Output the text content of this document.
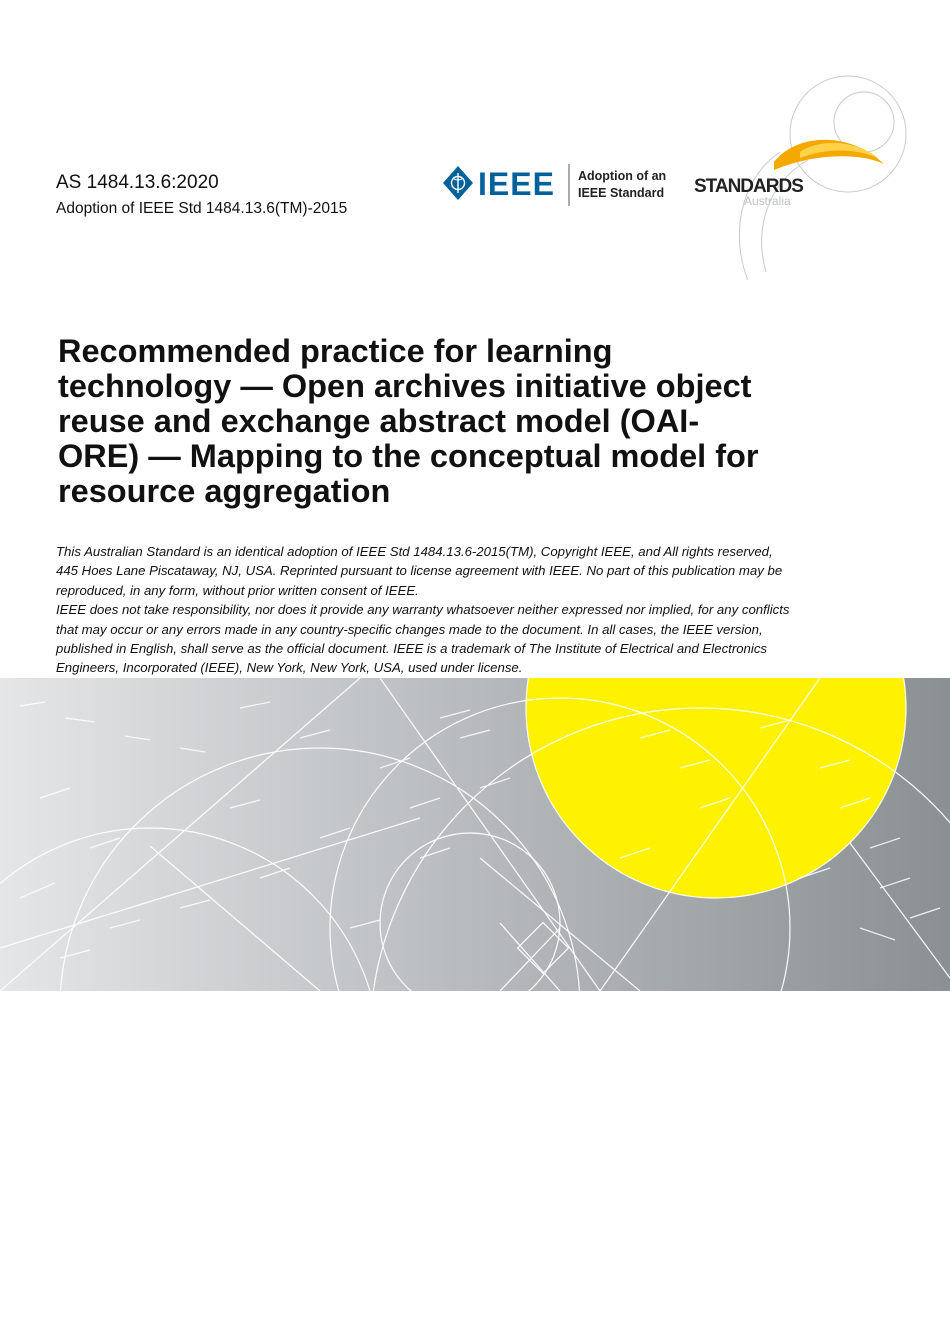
AS 1484.13.6:2020
Adoption of IEEE Std 1484.13.6(TM)-2015
IEEE Adoption of an
IEEE Standard STANDARDS
Australia
Recommended practice for learning
technology — Open archives initiative object
reuse and exchange abstract model (OAI-
ORE) — Mapping to the conceptual model for
resource aggregation

This Australian Standard is an identical adoption of IEEE Std 1484.13.6-2015(TM), Copyright IEEE, and All rights reserved,

445 Hoes Lane Piscataway, NJ, USA. Reprinted pursuant to license agreement with IEEE. No part of this publication may be

reproduced, in any form, without prior written consent of IEEE.

IEEE does not take responsibility, nor does it provide any warranty whatsoever neither expressed nor implied, for any conflicts

that may occur or any errors made in any country-specific changes made to the document. In all cases, the IEEE version,

published in English, shall serve as the official document. IEEE is a trademark of The Institute of Electrical and Electronics

Engineers, Incorporated (IEEE), New York, New York, USA, used under license.
